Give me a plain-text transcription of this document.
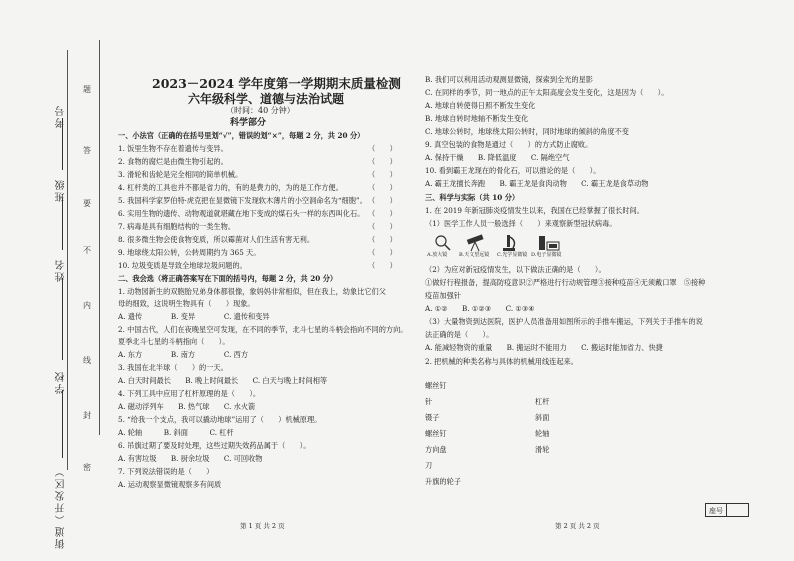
考号
班级
姓名
学校
街道（开发区）
题
答
要
不
内
线
封
密
2023－2024 学年度第一学期期末质量检测
六年级科学、道德与法治试题
（时间：40 分钟）
科学部分
一、小法官（正确的在括号里划“√”，错误的划“×”，每题 2 分，共 20 分）
1. 饭里生物不存在着遗传与变异。
2. 食物的腐烂是由微生物引起的。
3. 滑轮和齿轮是完全相同的简单机械。
4. 杠杆类的工具也并不都是省力的，有的是费力的，为的是工作方便。
5. 我国科学家罗伯特·虎克把在显微镜下发现软木薄片的小空洞命名为“细胞”。
6. 实用生物的遗传、动物观道就堪藏在地下变成的煤石头一样的东西叫化石。
7. 病毒是具有细胞结构的一类生物。
8. 很多微生物会使食物变质，所以霉菌对人们生活有害无利。
9. 地球绕太阳公转，公转周期约为 365 天。
10. 垃圾变质是导致全地球垃圾问题的。
（　　）
（　　）
（　　）
（　　）
（　　）
（　　）
（　　）
（　　）
（　　）
（　　）
二、我会选（将正确答案写在下面的括号内，每题 2 分，共 20 分）
1. 动物园新生的双胞胎兄弟身体都很像，象妈妈非常相似，但在我上，幼象比它们父
母的细致，这说明生物具有（　　）现象。
A. 遗传　　　　B. 变异　　　　C. 遗传和变异
2. 中国古代，人们在夜晚星空可发现，在不同的季节，北斗七星的斗柄会指向不同的方向。
夏季北斗七星的斗柄指向（　　）。
A. 东方　　　　B. 南方　　　　C. 西方
3. 我国在北半球（　　）的一天。
A. 白天时间最长　　B. 晚上时间最长　　C. 白天与晚上时间相等
4. 下列工具中应用了杠杆原理的是（　　）。
A. 磁动浮列车　　B. 热气球　　C. 水火箭
5. “给我一个支点，我可以撬动地球”运用了（　　）机械原理。
A. 轮轴　　　B. 斜面　　　C. 杠杆
6. 吊旗过期了要及时处理，这些过期失效药品属于（　　）。
A. 有害垃圾　　B. 厨余垃圾　　C. 可回收物
7. 下列说法错误的是（　　）
A. 运动观察显微镜观察多有间质
第 1 页 共 2 页
B. 我们可以利用活动观测显微镜，探索到全光的星影
C. 在同样的季节，同一地点的正午太阳高度会发生变化，这是因为（　　）。
A. 地球自转使得日照不断发生变化
B. 地球自转时地轴不断发生变化
C. 地球公转时，地球绕太阳公转时，同时地球的倾斜的角度不变
9. 真空包装的食物是通过（　　）的方式防止腐败。
A. 保持干燥　　B. 降低温度　　C. 隔绝空气
10. 看到霸王龙现在的骨化石，可以推论的是（　　）。
A. 霸王龙擅长奔跑　　B. 霸王龙是食肉动物　　C. 霸王龙是食草动物
三、科学与实际（共 10 分）
1. 在 2019 年新冠肺炎疫情发生以来，我国在已经掌握了很长时间。
（1）医学工作人员一般选择（　　）来观察新型冠状病毒。
A.放大镜 B.天文望远镜 C.光学显微镜 D.电子显微镜
（2）为应对新冠疫情发生，以下做法正确的是（　　）。
①做好行程报备，提高防疫意识②严格进行行动规管理③接种疫苗④无须戴口罩　⑤接种
疫苗加强针
A. ①②　　B. ①②③　　C. ①③④
（3）大量物资到达医院，医护人员准备用如图所示的手推车搬运，下列关于手推车的说
法正确的是（　　）。
A. 能减轻物资的重量　　B. 搬运时不能用力　　C. 搬运时能加省力、快捷
2. 把机械的种类名称与具体的机械用线连起来。
螺丝钉
针
镊子
螺丝钉
方向盘
刀
升旗的轮子
杠杆
斜面
轮轴
滑轮
第 2 页 共 2 页
座号
